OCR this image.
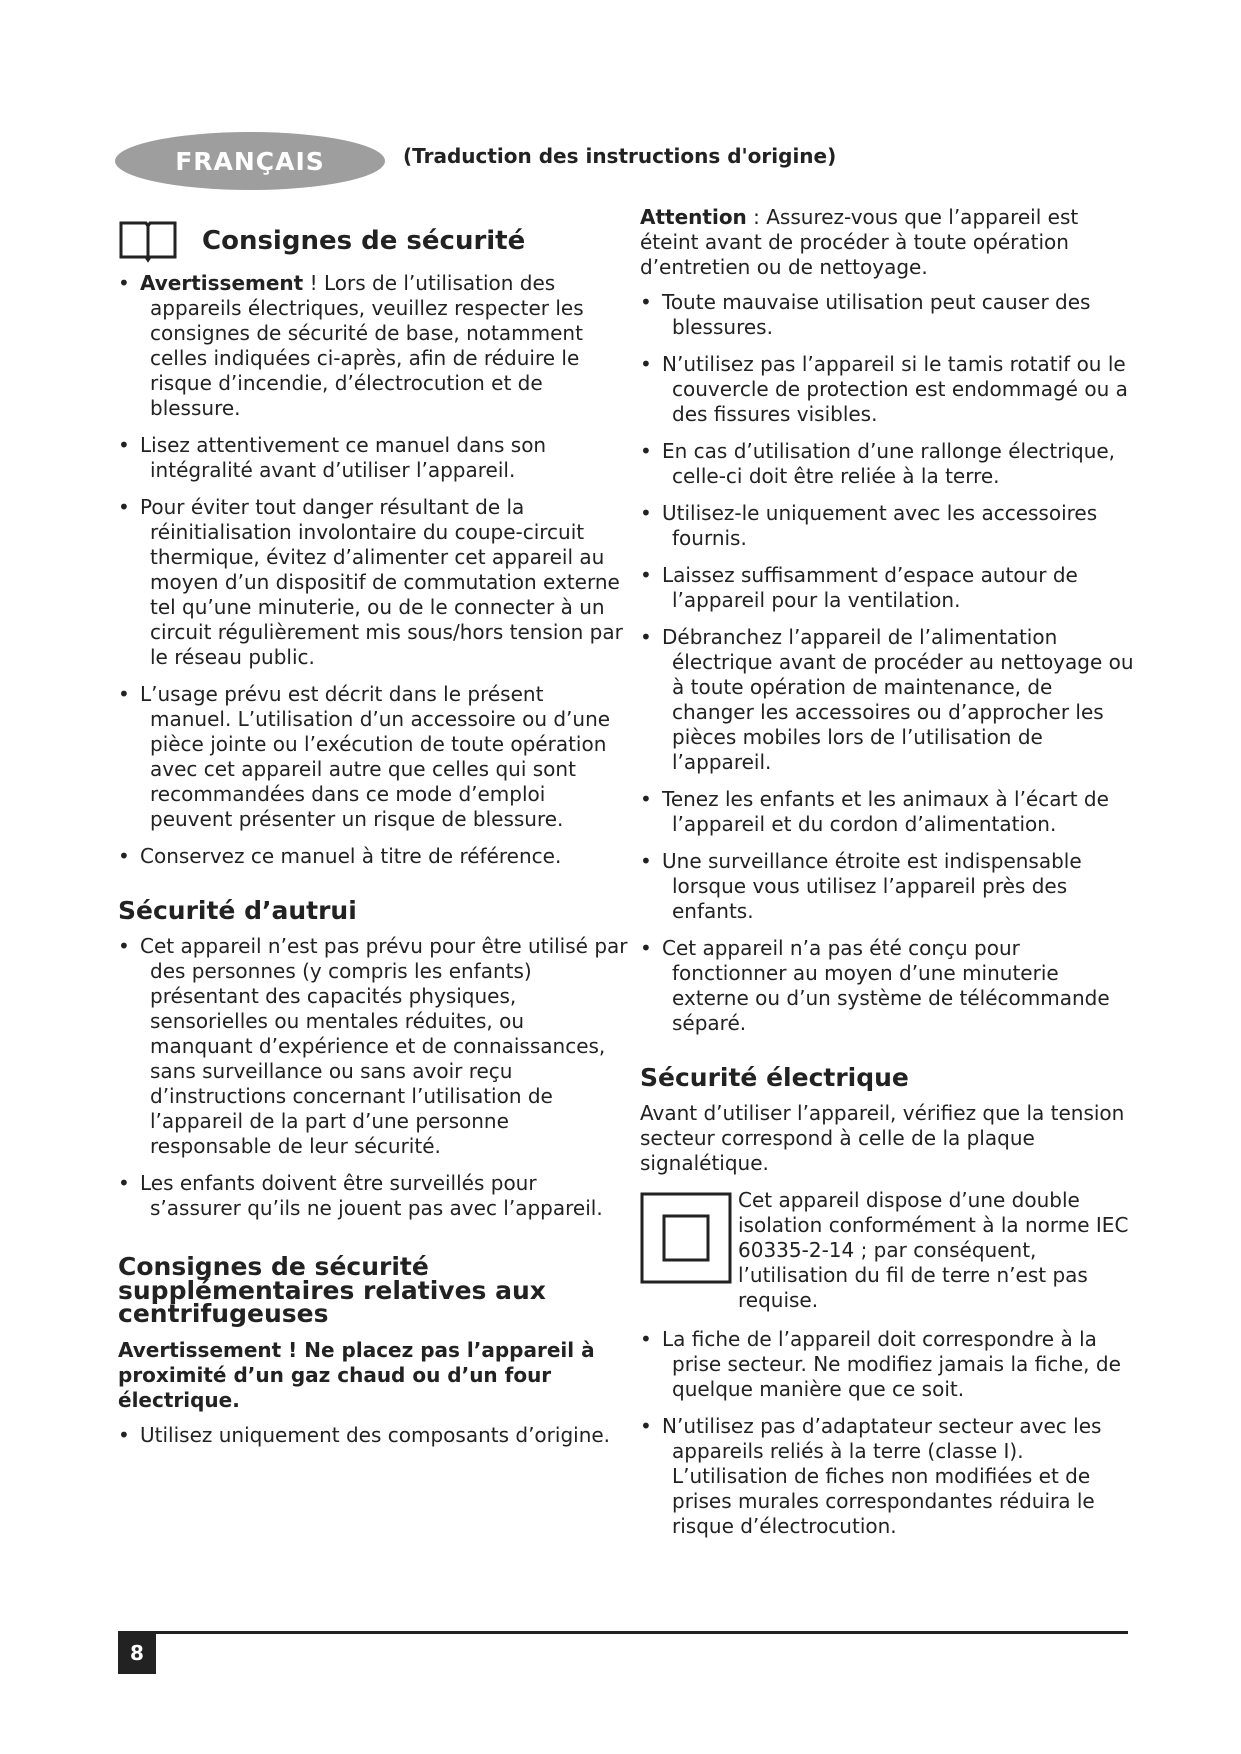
FRANÇAIS	(Traduction des instructions d'origine)
Consignes de sécurité
• Avertissement ! Lors de l’utilisation des appareils électriques, veuillez respecter les consignes de sécurité de base, notamment celles indiquées ci-après, afin de réduire le risque d’incendie, d’électrocution et de blessure.
• Lisez attentivement ce manuel dans son intégralité avant d’utiliser l’appareil.
• Pour éviter tout danger résultant de la réinitialisation involontaire du coupe-circuit thermique, évitez d’alimenter cet appareil au moyen d’un dispositif de commutation externe tel qu’une minuterie, ou de le connecter à un circuit régulièrement mis sous/hors tension par le réseau public.
• L’usage prévu est décrit dans le présent manuel. L’utilisation d’un accessoire ou d’une pièce jointe ou l’exécution de toute opération avec cet appareil autre que celles qui sont recommandées dans ce mode d’emploi peuvent présenter un risque de blessure.
• Conservez ce manuel à titre de référence.
Sécurité d’autrui
• Cet appareil n’est pas prévu pour être utilisé par des personnes (y compris les enfants) présentant des capacités physiques, sensorielles ou mentales réduites, ou manquant d’expérience et de connaissances, sans surveillance ou sans avoir reçu d’instructions concernant l’utilisation de l’appareil de la part d’une personne responsable de leur sécurité.
• Les enfants doivent être surveillés pour s’assurer qu’ils ne jouent pas avec l’appareil.
Consignes de sécurité supplémentaires relatives aux centrifugeuses

Avertissement ! Ne placez pas l’appareil à proximité d’un gaz chaud ou d’un four électrique.

• Utilisez uniquement des composants d’origine.

Attention : Assurez-vous que l’appareil est éteint avant de procéder à toute opération d’entretien ou de nettoyage.

• Toute mauvaise utilisation peut causer des blessures.
• N’utilisez pas l’appareil si le tamis rotatif ou le couvercle de protection est endommagé ou a des fissures visibles.
• En cas d’utilisation d’une rallonge électrique, celle-ci doit être reliée à la terre.
• Utilisez-le uniquement avec les accessoires fournis.
• Laissez suffisamment d’espace autour de l’appareil pour la ventilation.
• Débranchez l’appareil de l’alimentation électrique avant de procéder au nettoyage ou à toute opération de maintenance, de changer les accessoires ou d’approcher les pièces mobiles lors de l’utilisation de l’appareil.
• Tenez les enfants et les animaux à l’écart de l’appareil et du cordon d’alimentation.
• Une surveillance étroite est indispensable lorsque vous utilisez l’appareil près des enfants.
• Cet appareil n’a pas été conçu pour fonctionner au moyen d’une minuterie externe ou d’un système de télécommande séparé.
Sécurité électrique

Avant d’utiliser l’appareil, vérifiez que la tension secteur correspond à celle de la plaque signalétique.

Cet appareil dispose d’une double isolation conformément à la norme IEC 60335-2-14 ; par conséquent, l’utilisation du fil de terre n’est pas requise.
• La fiche de l’appareil doit correspondre à la prise secteur. Ne modifiez jamais la fiche, de quelque manière que ce soit.
• N’utilisez pas d’adaptateur secteur avec les appareils reliés à la terre (classe I). L’utilisation de fiches non modifiées et de prises murales correspondantes réduira le risque d’électrocution.
8
